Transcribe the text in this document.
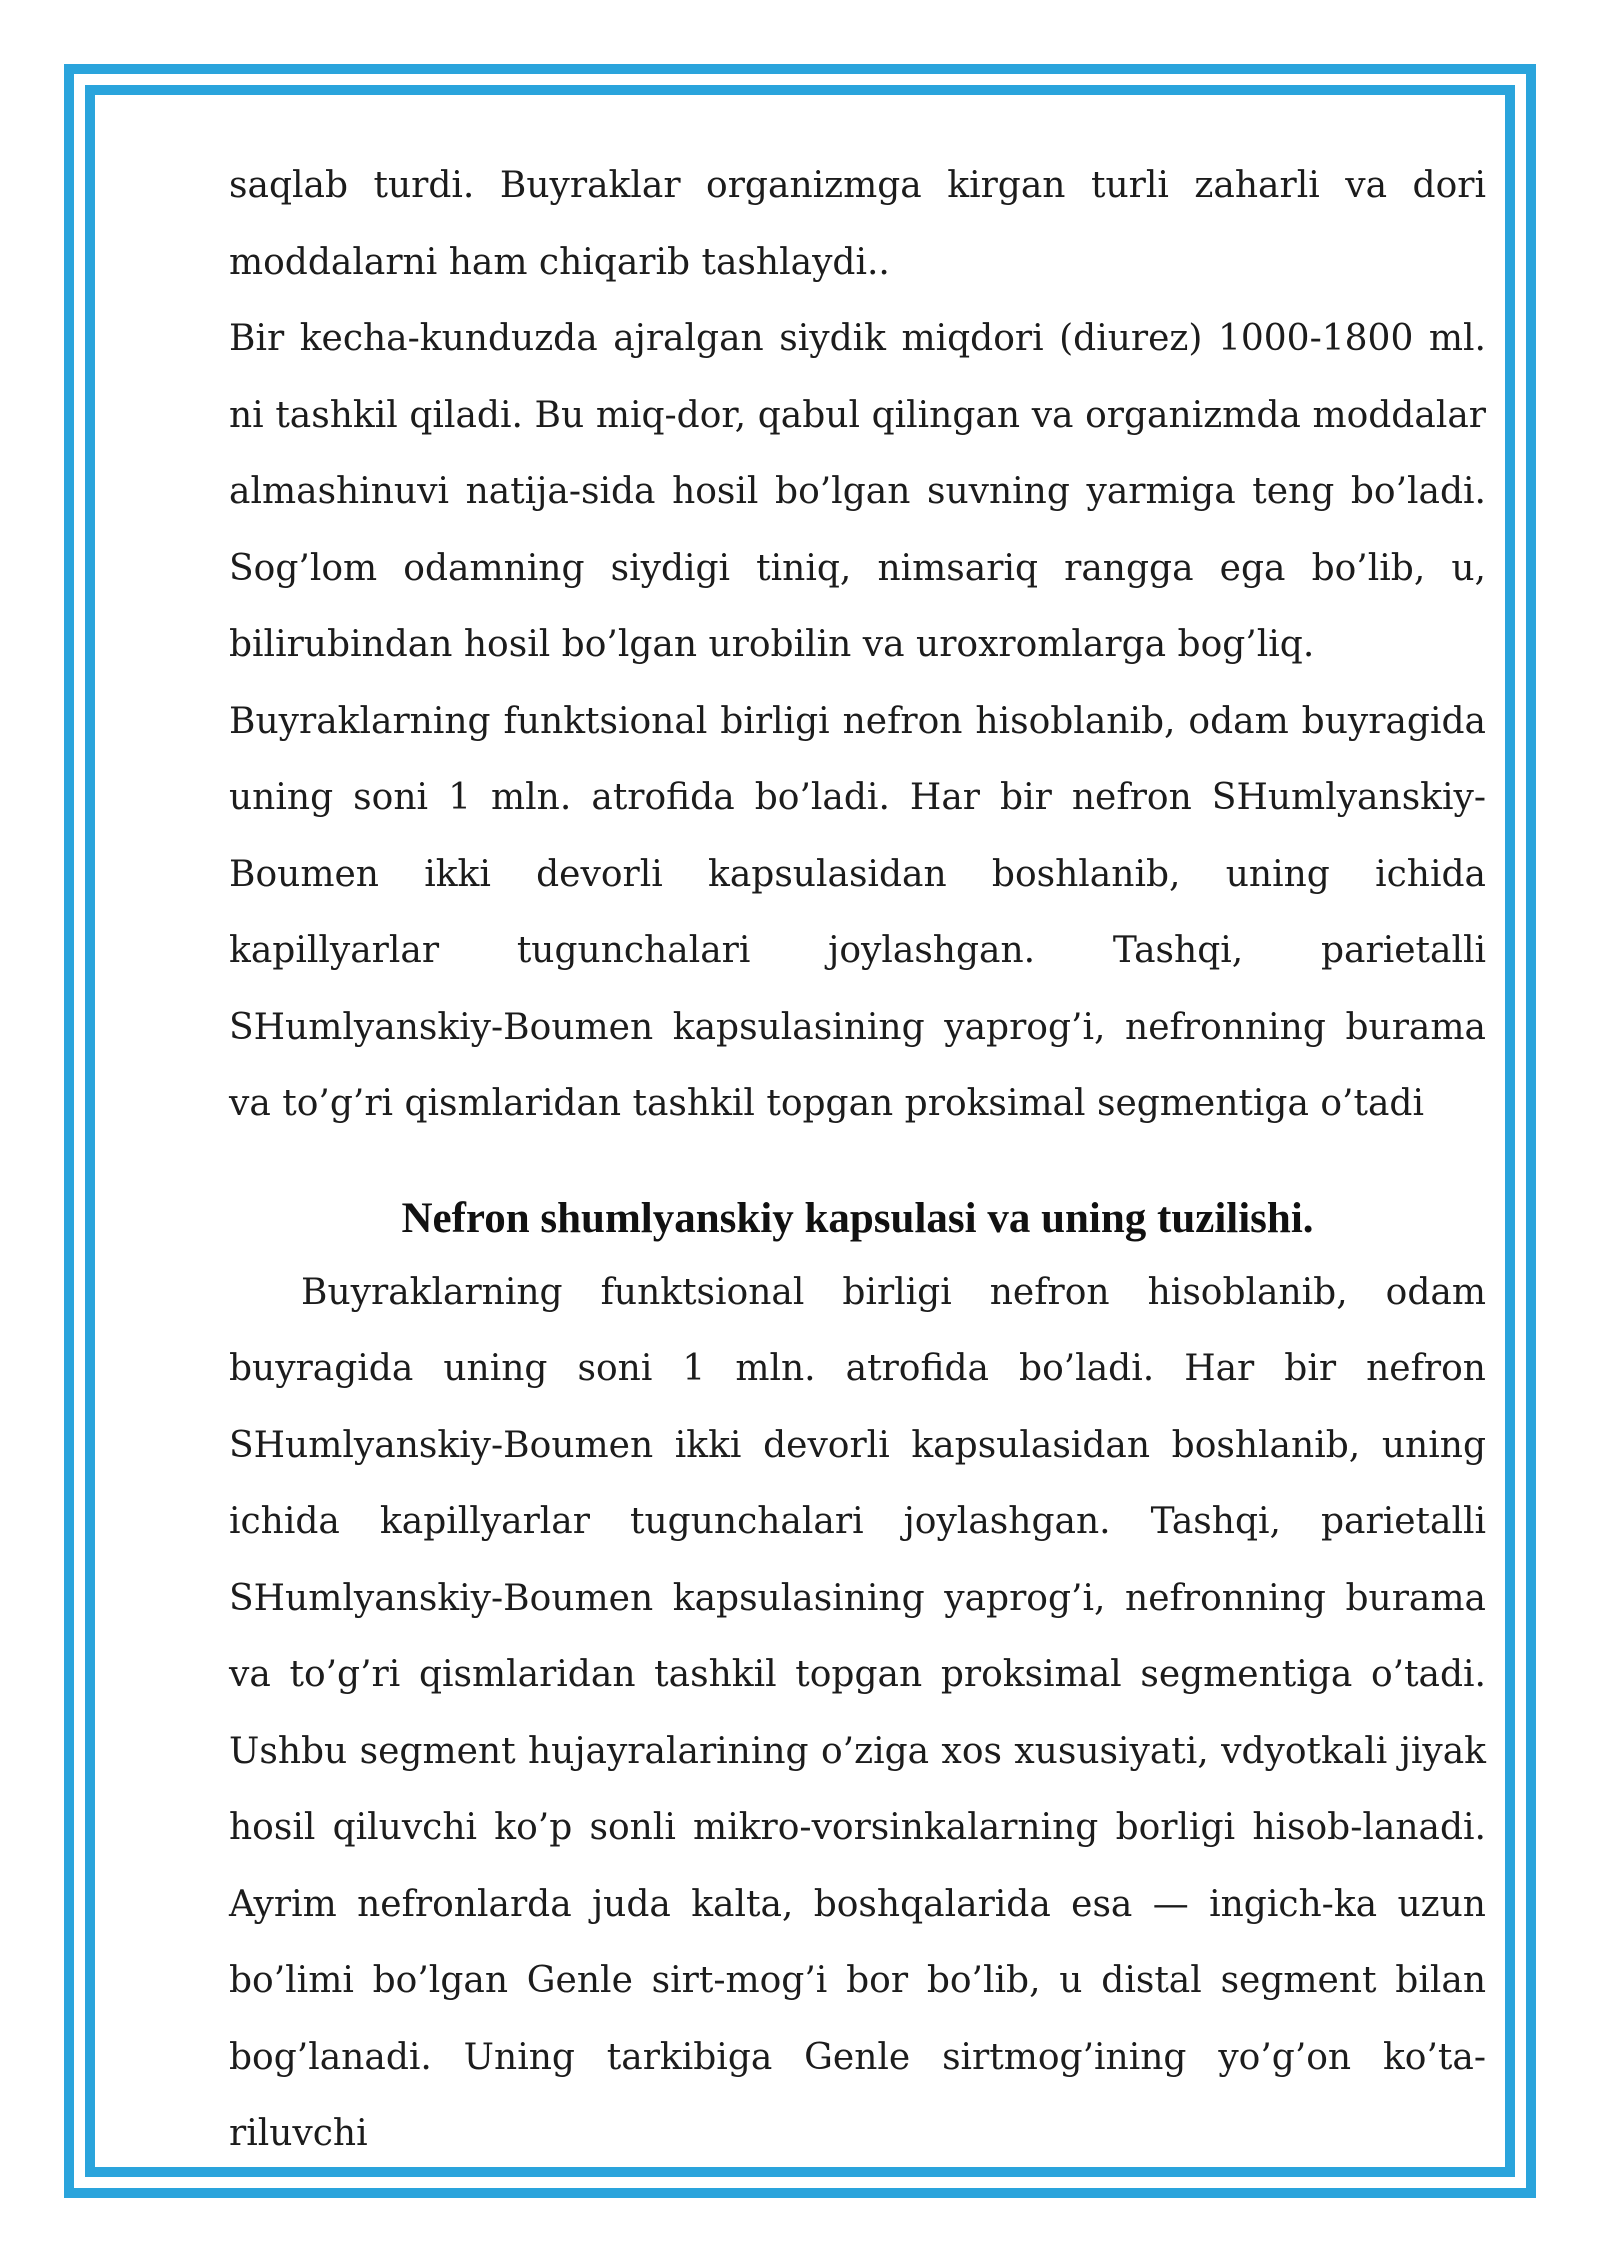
saqlab turdi. Buyraklar organizmga kirgan turli zaharli va dori moddalarni ham chiqarib tashlaydi..

Bir kecha-kunduzda ajralgan siydik miqdori (diurez) 1000-1800 ml. ni tashkil qiladi. Bu miq-dor, qabul qilingan va organizmda moddalar almashinuvi natija-sida hosil bo’lgan suvning yarmiga teng bo’ladi. Sog’lom odamning siydigi tiniq, nimsariq rangga ega bo’lib, u, bilirubindan hosil bo’lgan urobilin va uroxromlarga bog’liq.

Buyraklarning funktsional birligi nefron hisoblanib, odam buyragida uning soni 1 mln. atrofida bo’ladi. Har bir nefron SHumlyanskiy-Boumen ikki devorli kapsulasidan boshlanib, uning ichida kapillyarlar tugunchalari joylashgan. Tashqi, parietalli SHumlyanskiy-Boumen kapsulasining yaprog’i, nefronning burama va to’g’ri qismlaridan tashkil topgan proksimal segmentiga o’tadi

Nefron shumlyanskiy kapsulasi va uning tuzilishi.

Buyraklarning funktsional birligi nefron hisoblanib, odam buyragida uning soni 1 mln. atrofida bo’ladi. Har bir nefron SHumlyanskiy-Boumen ikki devorli kapsulasidan boshlanib, uning ichida kapillyarlar tugunchalari joylashgan. Tashqi, parietalli SHumlyanskiy-Boumen kapsulasining yaprog’i, nefronning burama va to’g’ri qismlaridan tashkil topgan proksimal segmentiga o’tadi. Ushbu segment hujayralarining o’ziga xos xususiyati, vdyotkali jiyak hosil qiluvchi ko’p sonli mikro-vorsinkalarning borligi hisob-lanadi. Ayrim nefronlarda juda kalta, boshqalarida esa — ingich-ka uzun bo’limi bo’lgan Genle sirt-mog’i bor bo’lib, u distal segment bilan bog’lanadi. Uning tarkibiga Genle sirtmog’ining yo’g’on ko’ta-riluvchi
